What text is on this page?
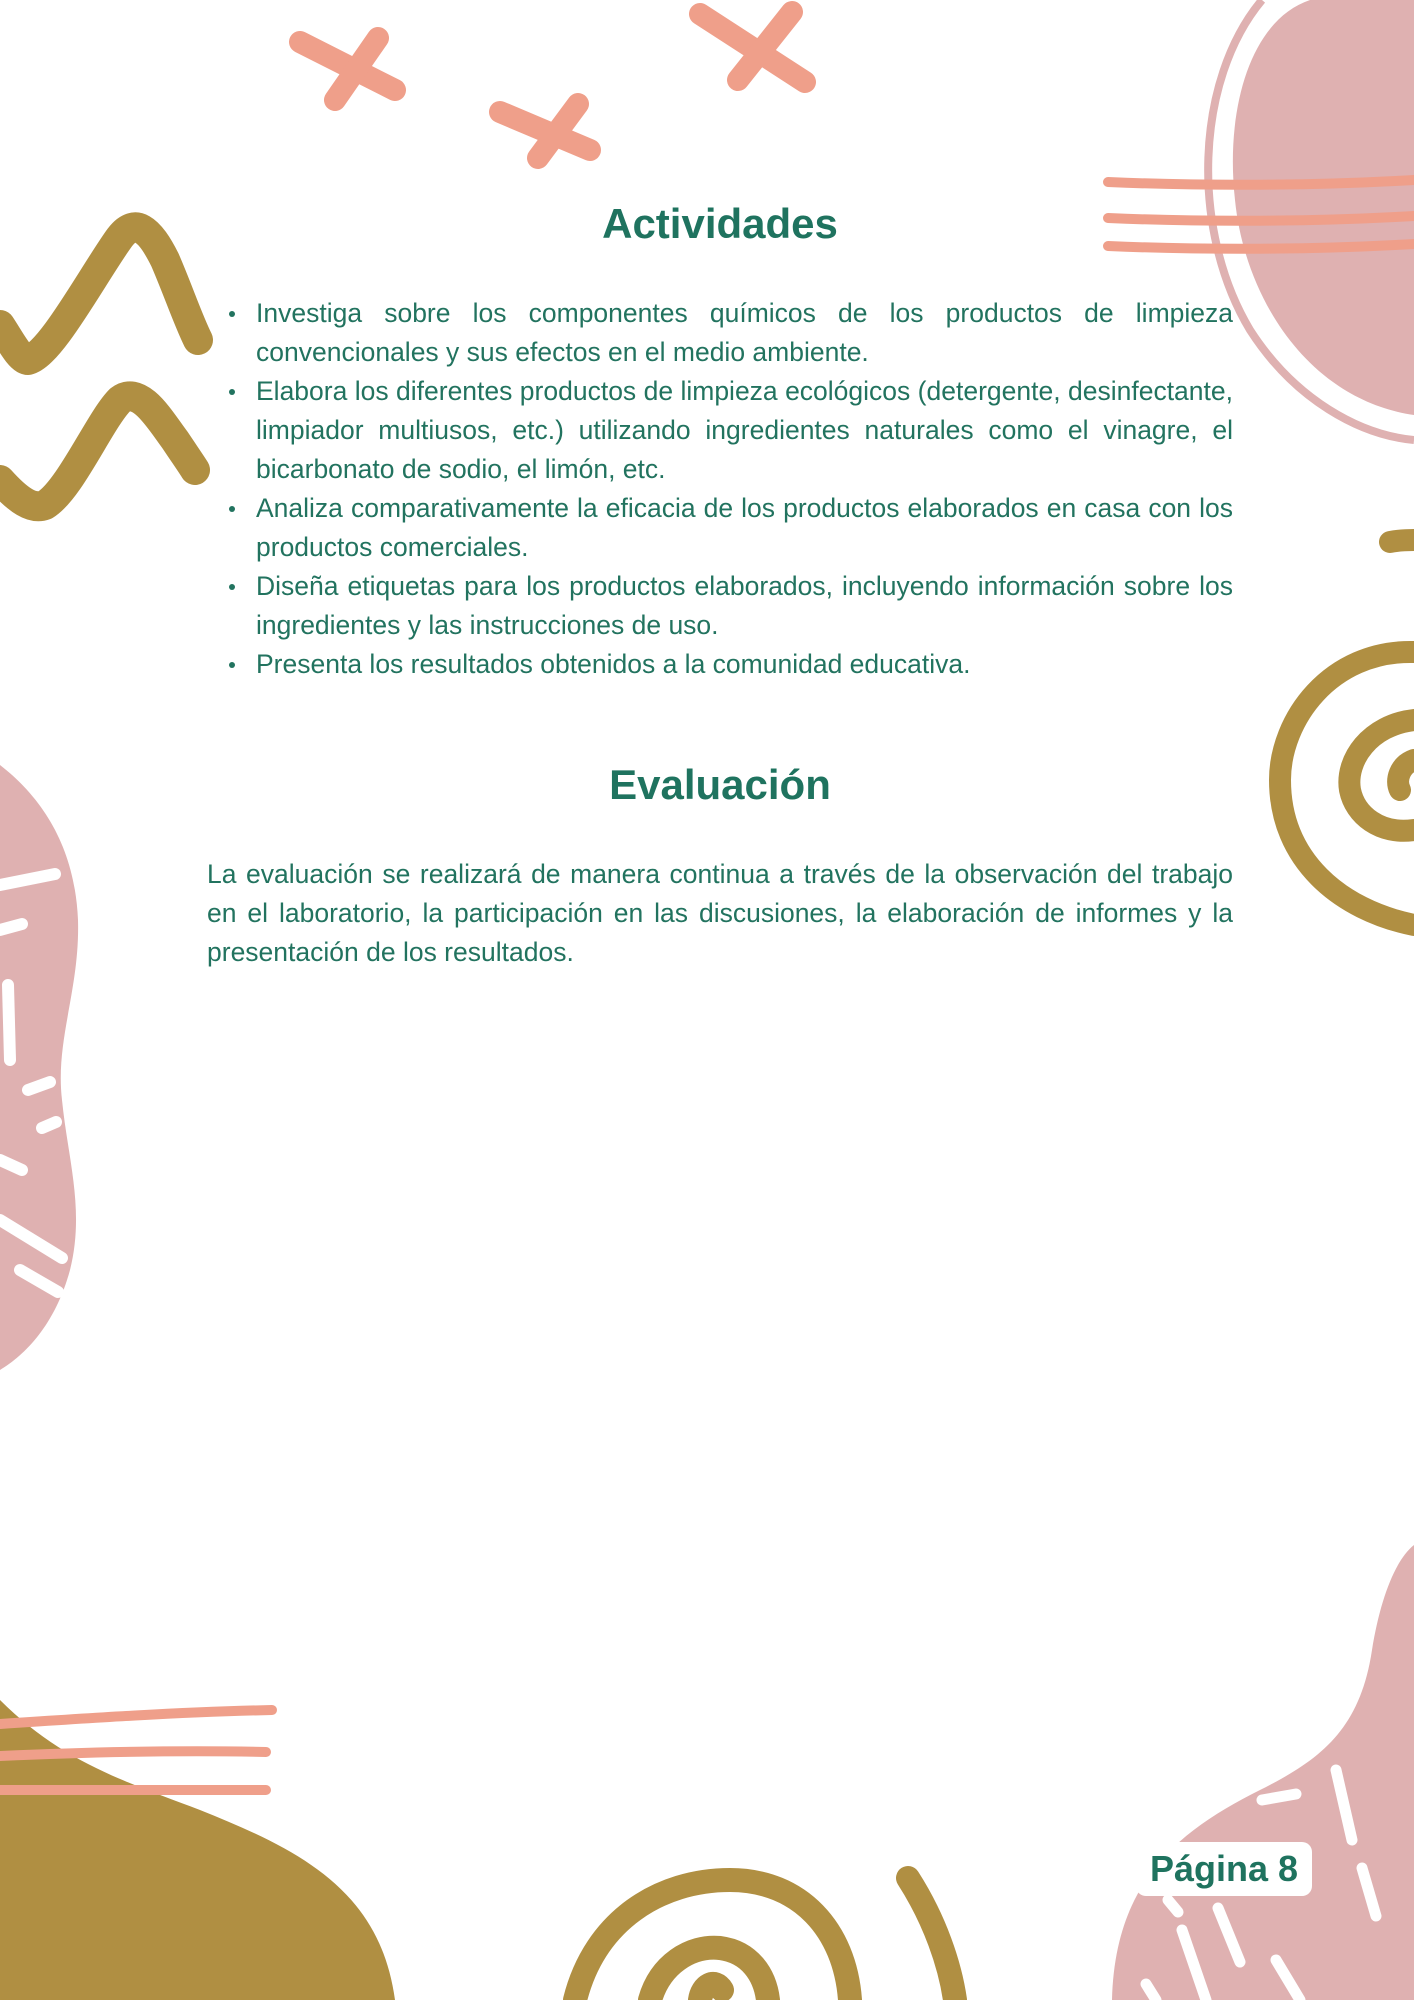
Actividades
Investiga sobre los componentes químicos de los productos de limpieza convencionales y sus efectos en el medio ambiente.
Elabora los diferentes productos de limpieza ecológicos (detergente, desinfectante, limpiador multiusos, etc.) utilizando ingredientes naturales como el vinagre, el bicarbonato de sodio, el limón, etc.
Analiza comparativamente la eficacia de los productos elaborados en casa con los productos comerciales.
Diseña etiquetas para los productos elaborados, incluyendo información sobre los ingredientes y las instrucciones de uso.
Presenta los resultados obtenidos a la comunidad educativa.
Evaluación

La evaluación se realizará de manera continua a través de la observación del trabajo en el laboratorio, la participación en las discusiones, la elaboración de informes y la presentación de los resultados.

Página 8
